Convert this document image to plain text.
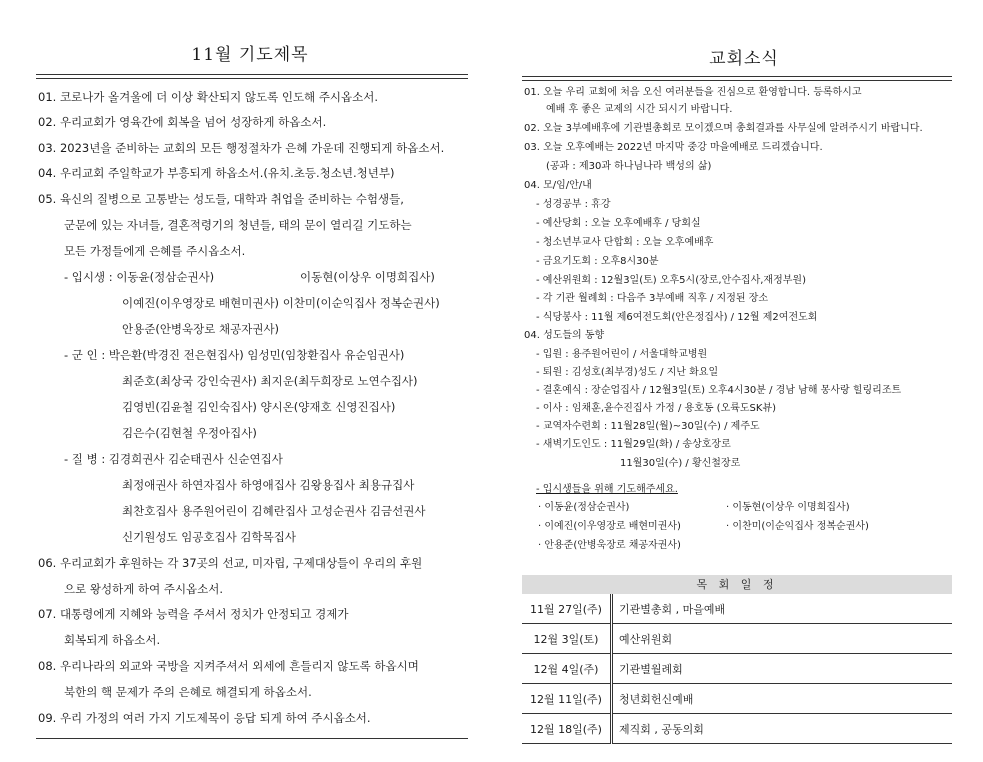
11월 기도제목
01. 코로나가 올겨울에 더 이상 확산되지 않도록 인도해 주시옵소서.
02. 우리교회가 영육간에 회복을 넘어 성장하게 하옵소서.
03. 2023년을 준비하는 교회의 모든 행정절차가 은혜 가운데 진행되게 하옵소서.
04. 우리교회 주일학교가 부흥되게 하옵소서.(유치.초등.청소년.청년부)
05. 육신의 질병으로 고통받는 성도들, 대학과 취업을 준비하는 수험생들,
군문에 있는 자녀들, 결혼적령기의 청년들, 태의 문이 열리길 기도하는
모든 가정들에게 은혜를 주시옵소서.
- 입시생 : 이동윤(정삼순권사)	이동현(이상우 이명희집사)
이예진(이우영장로 배현미권사) 이찬미(이순익집사 정복순권사)
안용준(안병욱장로 채공자권사)
- 군 인 : 박은환(박경진 전은현집사) 임성민(임창환집사 유순임권사)
최준호(최상국 강인숙권사) 최지운(최두희장로 노연수집사)
김영빈(김윤철 김인숙집사) 양시온(양재호 신영진집사)
김은수(김현철 우정아집사)
- 질 병 : 김경희권사 김순태권사 신순연집사
최정애권사 하연자집사 하영애집사 김왕용집사 최용규집사
최찬호집사 용주원어린이 김혜란집사 고성순권사 김금선권사
신기원성도 임공호집사 김학목집사
06. 우리교회가 후원하는 각 37곳의 선교, 미자립, 구제대상들이 우리의 후원
으로 왕성하게 하여 주시옵소서.
07. 대통령에게 지혜와 능력을 주셔서 정치가 안정되고 경제가
회복되게 하옵소서.
08. 우리나라의 외교와 국방을 지켜주셔서 외세에 흔들리지 않도록 하옵시며
북한의 핵 문제가 주의 은혜로 해결되게 하옵소서.
09. 우리 가정의 여러 가지 기도제목이 응답 되게 하여 주시옵소서.
교회소식
01. 오늘 우리 교회에 처음 오신 여러분들을 진심으로 환영합니다. 등록하시고
예배 후 좋은 교제의 시간 되시기 바랍니다.
02. 오늘 3부예배후에 기관별총회로 모이겠으며 총회결과를 사무실에 알려주시기 바랍니다.
03. 오늘 오후예배는 2022년 마지막 중강 마을예배로 드리겠습니다.
(공과 : 제30과 하나님나라 백성의 삶)
04. 모/임/안/내
- 성경공부 : 휴강
- 예산당회 : 오늘 오후예배후 / 당회실
- 청소년부교사 단합회 : 오늘 오후예배후
- 금요기도회 : 오후8시30분
- 예산위원회 : 12월3일(토) 오후5시(장로,안수집사,재정부원)
- 각 기관 월례회 : 다음주 3부예배 직후 / 지정된 장소
- 식당봉사 : 11월 제6여전도회(안은정집사) / 12월 제2여전도회
04. 성도들의 동향
- 입원 : 용주원어린이 / 서울대학교병원
- 퇴원 : 김성호(최부경)성도 / 지난 화요일
- 결혼예식 : 장순업집사 / 12월3일(토) 오후4시30분 / 경남 남해 몽사랑 힐링리조트
- 이사 : 임채훈,윤수진집사 가정 / 용호동 (오륙도SK뷰)
- 교역자수련회 : 11월28일(월)~30일(수) / 제주도
- 새벽기도인도 : 11월29일(화) / 송상호장로
11월30일(수) / 황신철장로
- 입시생들을 위해 기도해주세요.
· 이동윤(정삼순권사)	· 이동현(이상우 이명희집사)
· 이예진(이우영장로 배현미권사)	· 이찬미(이순익집사 정복순권사)
· 안용준(안병욱장로 채공자권사)
목 회 일 정
11월 27일(주)	기관별총회 , 마을예배
12월 3일(토)	예산위원회
12월 4일(주)	기관별월례회
12월 11일(주)	청년회헌신예배
12월 18일(주)	제직회 , 공동의회
